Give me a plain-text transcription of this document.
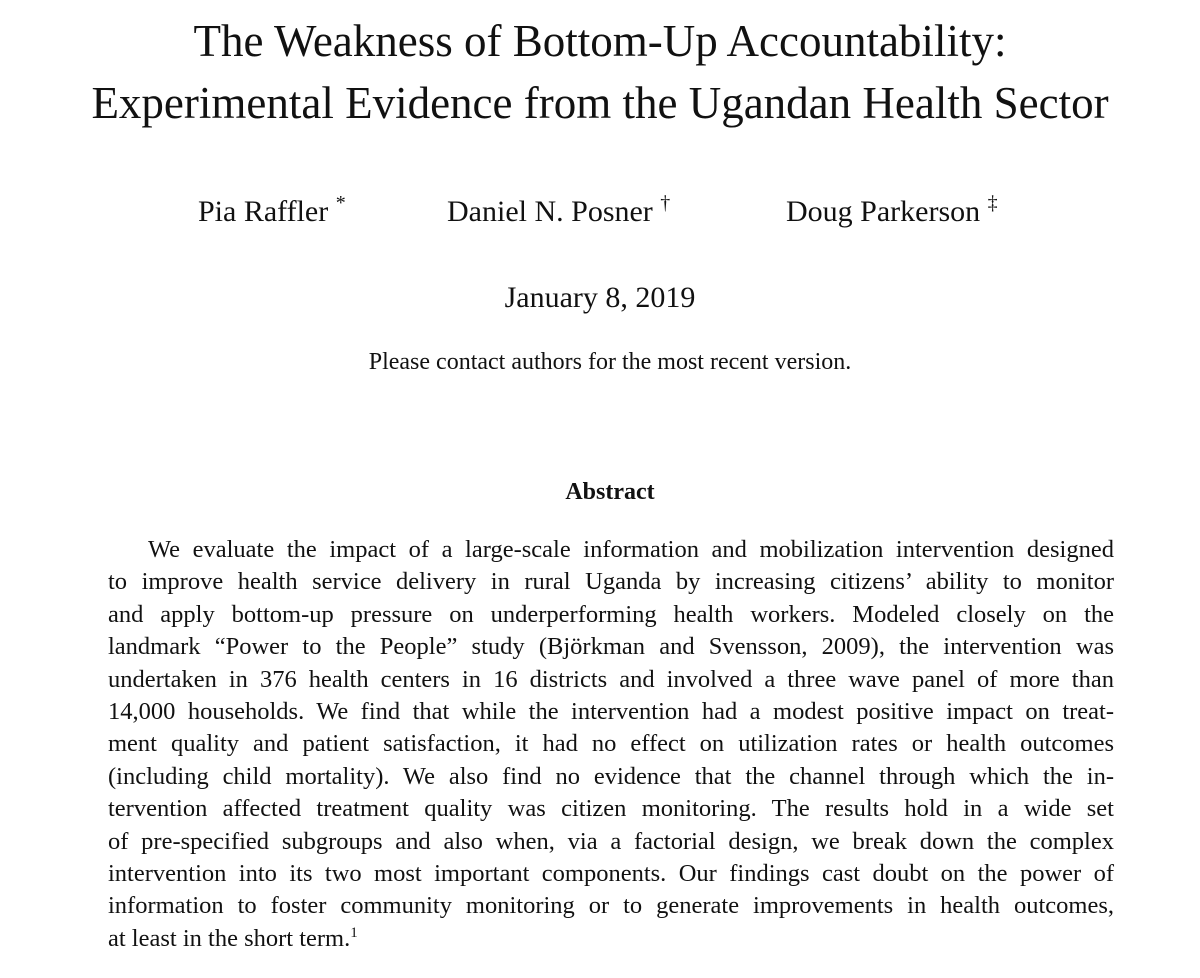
The Weakness of Bottom-Up Accountability:
Experimental Evidence from the Ugandan Health Sector
Pia Raffler *	Daniel N. Posner †	Doug Parkerson ‡
January 8, 2019
Please contact authors for the most recent version.
Abstract
We evaluate the impact of a large-scale information and mobilization intervention designed
to improve health service delivery in rural Uganda by increasing citizens’ ability to monitor
and apply bottom-up pressure on underperforming health workers. Modeled closely on the
landmark “Power to the People” study (Björkman and Svensson, 2009), the intervention was
undertaken in 376 health centers in 16 districts and involved a three wave panel of more than
14,000 households. We find that while the intervention had a modest positive impact on treat-
ment quality and patient satisfaction, it had no effect on utilization rates or health outcomes
(including child mortality). We also find no evidence that the channel through which the in-
tervention affected treatment quality was citizen monitoring. The results hold in a wide set
of pre-specified subgroups and also when, via a factorial design, we break down the complex
intervention into its two most important components. Our findings cast doubt on the power of
information to foster community monitoring or to generate improvements in health outcomes,
at least in the short term.$^1$
